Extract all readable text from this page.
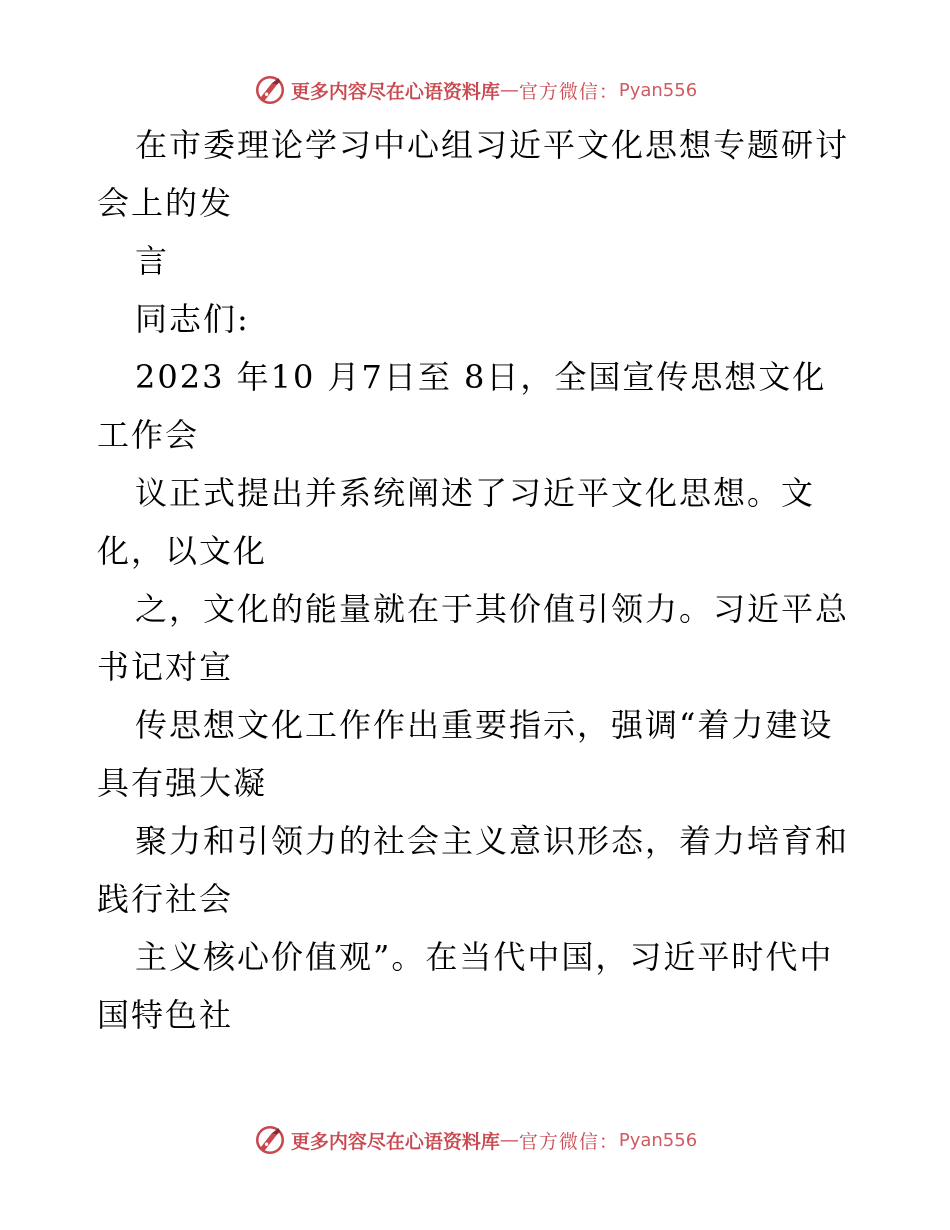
更多内容尽在心语资料库 — 官方微信： Pyan556
在市委理论学习中心组习近平文化思想专题研讨
会上的发
言
同志们:
2023 年10 月7日至 8日，全国宣传思想文化
工作会
议正式提出并系统阐述了习近平文化思想。文
化，以文化
之，文化的能量就在于其价值引领力。习近平总
书记对宣
传思想文化工作作出重要指示，强调“着力建设
具有强大凝
聚力和引领力的社会主义意识形态，着力培育和
践行社会
主义核心价值观”。在当代中国，习近平时代中
国特色社
更多内容尽在心语资料库 — 官方微信： Pyan556
